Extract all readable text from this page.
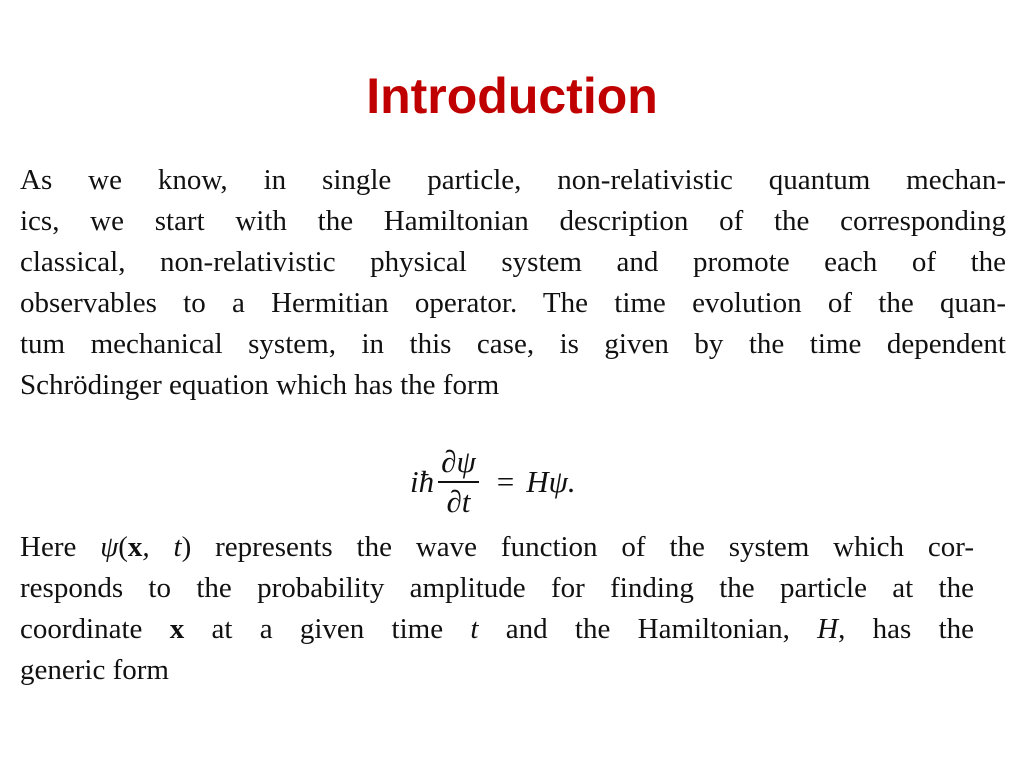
Introduction
As we know, in single particle, non-relativistic quantum mechan-
ics, we start with the Hamiltonian description of the corresponding
classical, non-relativistic physical system and promote each of the
observables to a Hermitian operator. The time evolution of the quan-
tum mechanical system, in this case, is given by the time dependent
Schrödinger equation which has the form
iħ $\frac{\partial\psi}{\partial t} = H\psi$.
Here ψ(x, t) represents the wave function of the system which cor-
responds to the probability amplitude for finding the particle at the
coordinate x at a given time t and the Hamiltonian, H, has the
generic form
